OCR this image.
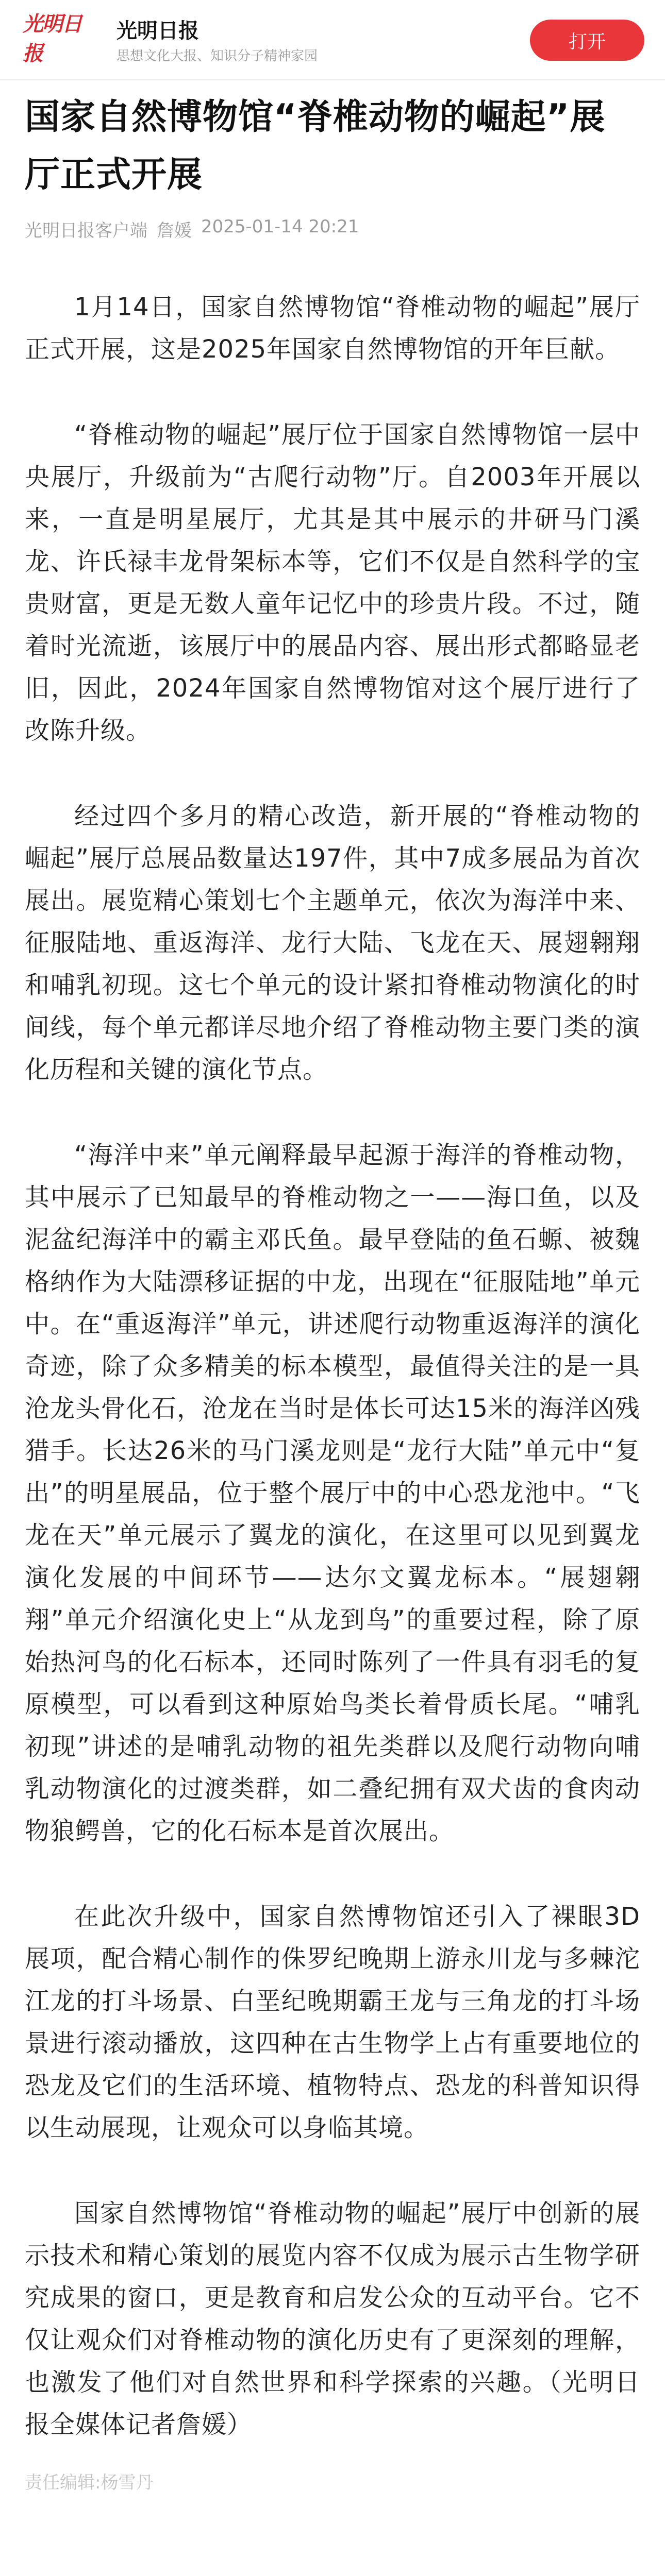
光明日报
光明日报
思想文化大报、知识分子精神家园
打开
国家自然博物馆“脊椎动物的崛起”展厅正式开展
光明日报客户端 詹媛 2025-01-14 20:21

1月14日，国家自然博物馆“脊椎动物的崛起”展厅正式开展，这是2025年国家自然博物馆的开年巨献。

“脊椎动物的崛起”展厅位于国家自然博物馆一层中央展厅，升级前为“古爬行动物”厅。自2003年开展以来，一直是明星展厅，尤其是其中展示的井研马门溪龙、许氏禄丰龙骨架标本等，它们不仅是自然科学的宝贵财富，更是无数人童年记忆中的珍贵片段。不过，随着时光流逝，该展厅中的展品内容、展出形式都略显老旧，因此，2024年国家自然博物馆对这个展厅进行了改陈升级。

经过四个多月的精心改造，新开展的“脊椎动物的崛起”展厅总展品数量达197件，其中7成多展品为首次展出。展览精心策划七个主题单元，依次为海洋中来、征服陆地、重返海洋、龙行大陆、飞龙在天、展翅翱翔和哺乳初现。这七个单元的设计紧扣脊椎动物演化的时间线，每个单元都详尽地介绍了脊椎动物主要门类的演化历程和关键的演化节点。

“海洋中来”单元阐释最早起源于海洋的脊椎动物，其中展示了已知最早的脊椎动物之一——海口鱼，以及泥盆纪海洋中的霸主邓氏鱼。最早登陆的鱼石螈、被魏格纳作为大陆漂移证据的中龙，出现在“征服陆地”单元中。在“重返海洋”单元，讲述爬行动物重返海洋的演化奇迹，除了众多精美的标本模型，最值得关注的是一具沧龙头骨化石，沧龙在当时是体长可达15米的海洋凶残猎手。长达26米的马门溪龙则是“龙行大陆”单元中“复出”的明星展品，位于整个展厅中的中心恐龙池中。“飞龙在天”单元展示了翼龙的演化，在这里可以见到翼龙演化发展的中间环节——达尔文翼龙标本。“展翅翱翔”单元介绍演化史上“从龙到鸟”的重要过程，除了原始热河鸟的化石标本，还同时陈列了一件具有羽毛的复原模型，可以看到这种原始鸟类长着骨质长尾。“哺乳初现”讲述的是哺乳动物的祖先类群以及爬行动物向哺乳动物演化的过渡类群，如二叠纪拥有双犬齿的食肉动物狼鳄兽，它的化石标本是首次展出。

在此次升级中，国家自然博物馆还引入了裸眼3D展项，配合精心制作的侏罗纪晚期上游永川龙与多棘沱江龙的打斗场景、白垩纪晚期霸王龙与三角龙的打斗场景进行滚动播放，这四种在古生物学上占有重要地位的恐龙及它们的生活环境、植物特点、恐龙的科普知识得以生动展现，让观众可以身临其境。

国家自然博物馆“脊椎动物的崛起”展厅中创新的展示技术和精心策划的展览内容不仅成为展示古生物学研究成果的窗口，更是教育和启发公众的互动平台。它不仅让观众们对脊椎动物的演化历史有了更深刻的理解，也激发了他们对自然世界和科学探索的兴趣。（光明日报全媒体记者詹媛）

责任编辑:杨雪丹
